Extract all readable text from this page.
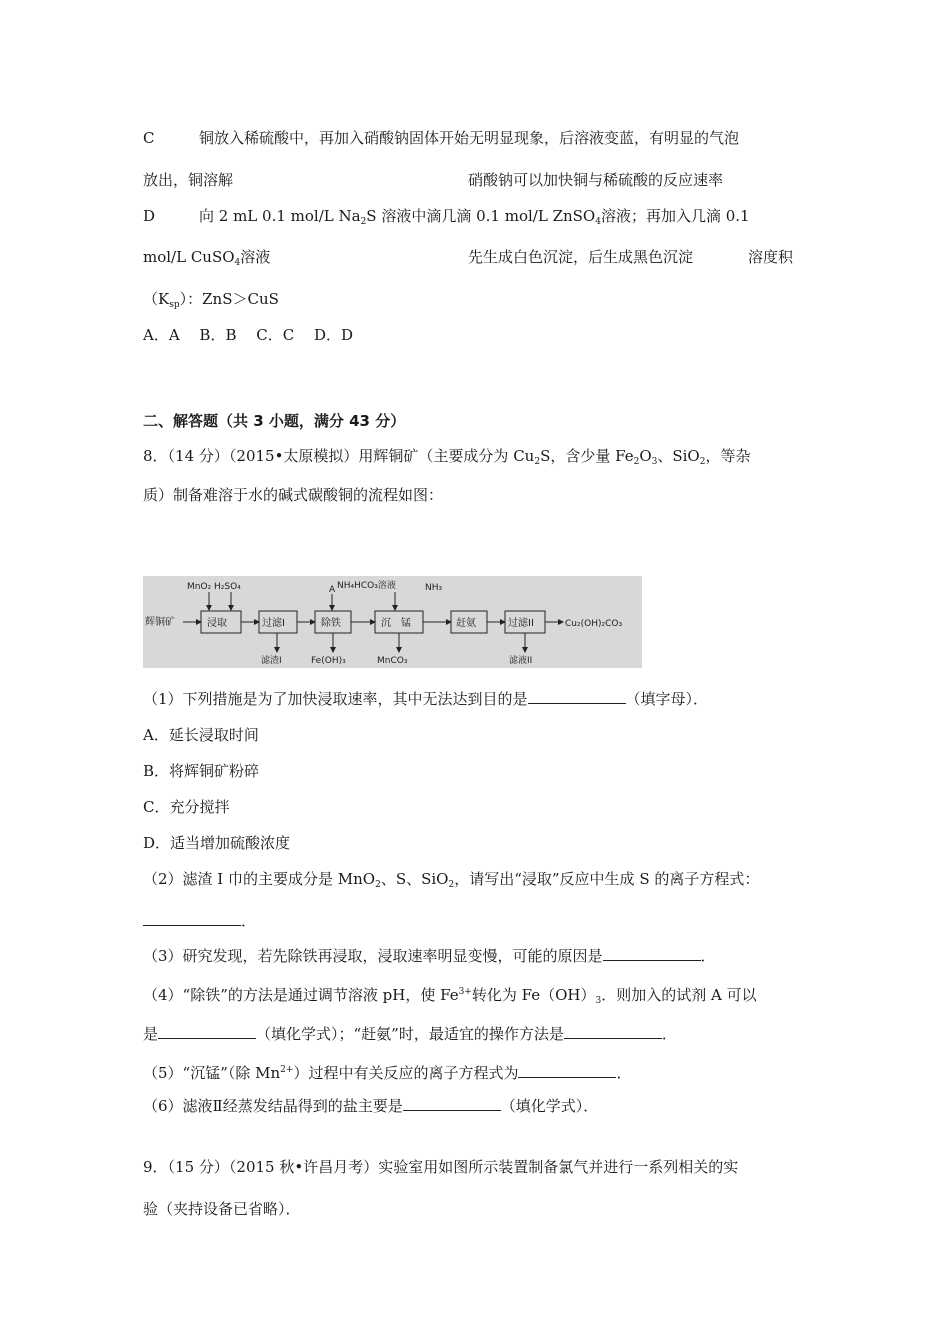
C	铜放入稀硫酸中，再加入硝酸钠固体开始无明显现象，后溶液变蓝，有明显的气泡
放出，铜溶解	硝酸钠可以加快铜与稀硫酸的反应速率
D	向 2 mL 0.1 mol/L $Na_2S$ 溶液中滴几滴 0.1 mol/L ZnSO$_4$溶液；再加入几滴 0.1
mol/L CuSO$_4$溶液	先生成白色沉淀，后生成黑色沉淀	溶度积
$(K_{sp})$：ZnS＞CuS
A．A　 B．B　 C．C　 D．D
二、解答题（共 3 小题，满分 43 分）
8．（14 分）（2015•太原模拟）用辉铜矿（主要成分为 $Cu_2S$，含少量 $Fe_2O_3$、SiO$_2$，等杂
质）制备难溶于水的碱式碳酸铜的流程如图：
辉铜矿
MnO₂ H₂SO₄
浸取	过滤I
滤渣I
A
除铁
Fe(OH)₃
NH₄HCO₃溶液
沉　锰
MnCO₃
NH₃
赶氨	过滤II
滤液II
Cu₂(OH)₂CO₃
（1）下列措施是为了加快浸取速率，其中无法达到目的是	（填字母）．
A．延长浸取时间
B．将辉铜矿粉碎
C．充分搅拌
D．适当增加硫酸浓度
（2）滤渣 I 巾的主要成分是 MnO$_2$、S、SiO$_2$，请写出“浸取”反应中生成 S 的离子方程式：
．
（3）研究发现，若先除铁再浸取，浸取速率明显变慢，可能的原因是	．
（4）“除铁”的方法是通过调节溶液 pH，使 $Fe^{3+}$转化为 $Fe(OH)_3$．则加入的试剂 A 可以
是	（填化学式）；“赶氨”时，最适宜的操作方法是	．
（5）“沉锰”（除 $Mn^{2+}$）过程中有关反应的离子方程式为	．
（6）滤液Ⅱ经蒸发结晶得到的盐主要是	（填化学式）．
9．（15 分）（2015 秋•许昌月考）实验室用如图所示装置制备氯气并进行一系列相关的实
验（夹持设备已省略）．
